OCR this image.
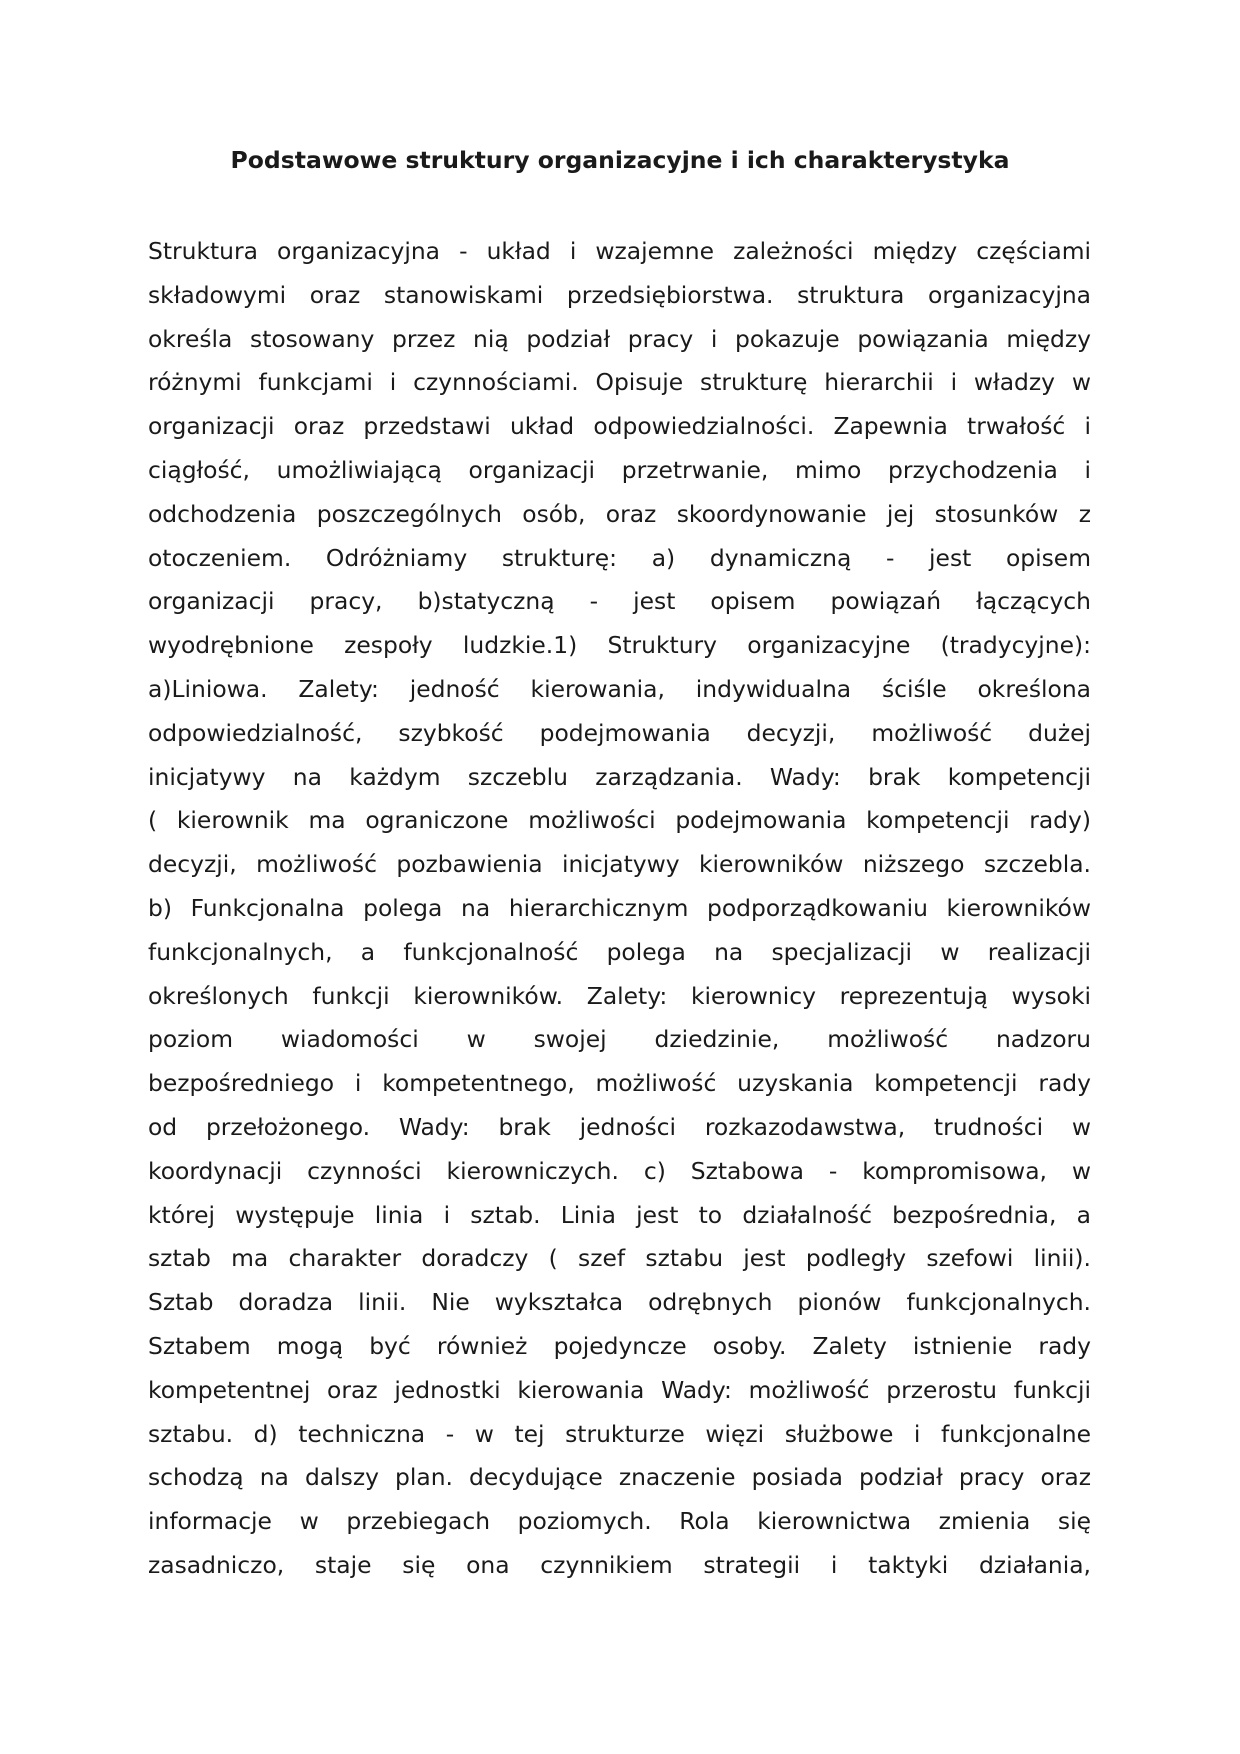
Podstawowe struktury organizacyjne i ich charakterystyka
Struktura organizacyjna - układ i wzajemne zależności między częściami
składowymi oraz stanowiskami przedsiębiorstwa. struktura organizacyjna
określa stosowany przez nią podział pracy i pokazuje powiązania między
różnymi funkcjami i czynnościami. Opisuje strukturę hierarchii i władzy w
organizacji oraz przedstawi układ odpowiedzialności. Zapewnia trwałość i
ciągłość, umożliwiającą organizacji przetrwanie, mimo przychodzenia i
odchodzenia poszczególnych osób, oraz skoordynowanie jej stosunków z
otoczeniem. Odróżniamy strukturę: a) dynamiczną - jest opisem
organizacji pracy, b)statyczną - jest opisem powiązań łączących
wyodrębnione zespoły ludzkie.1) Struktury organizacyjne (tradycyjne):
a)Liniowa. Zalety: jedność kierowania, indywidualna ściśle określona
odpowiedzialność, szybkość podejmowania decyzji, możliwość dużej
inicjatywy na każdym szczeblu zarządzania. Wady: brak kompetencji
( kierownik ma ograniczone możliwości podejmowania kompetencji rady)
decyzji, możliwość pozbawienia inicjatywy kierowników niższego szczebla.
b) Funkcjonalna polega na hierarchicznym podporządkowaniu kierowników
funkcjonalnych, a funkcjonalność polega na specjalizacji w realizacji
określonych funkcji kierowników. Zalety: kierownicy reprezentują wysoki
poziom wiadomości w swojej dziedzinie, możliwość nadzoru
bezpośredniego i kompetentnego, możliwość uzyskania kompetencji rady
od przełożonego. Wady: brak jedności rozkazodawstwa, trudności w
koordynacji czynności kierowniczych. c) Sztabowa - kompromisowa, w
której występuje linia i sztab. Linia jest to działalność bezpośrednia, a
sztab ma charakter doradczy ( szef sztabu jest podległy szefowi linii).
Sztab doradza linii. Nie wykształca odrębnych pionów funkcjonalnych.
Sztabem mogą być również pojedyncze osoby. Zalety istnienie rady
kompetentnej oraz jednostki kierowania Wady: możliwość przerostu funkcji
sztabu. d) techniczna - w tej strukturze więzi służbowe i funkcjonalne
schodzą na dalszy plan. decydujące znaczenie posiada podział pracy oraz
informacje w przebiegach poziomych. Rola kierownictwa zmienia się
zasadniczo, staje się ona czynnikiem strategii i taktyki działania,
